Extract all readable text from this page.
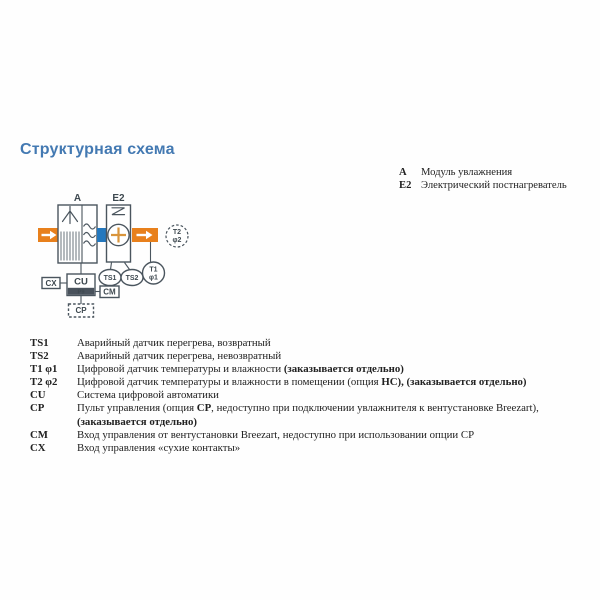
Структурная схема
A	E2
T2
φ2
T1
φ1
TS1 TS2
CU
P9
CX
CM
CP
A	Модуль увлажнения
E2 Электрический постнагреватель
TS1	Аварийный датчик перегрева, возвратный
TS2	Аварийный датчик перегрева, невозвратный
T1 φ1	Цифровой датчик температуры и влажности (заказывается отдельно)
T2 φ2	Цифровой датчик температуры и влажности в помещении (опция НС), (заказывается отдельно)
CU	Система цифровой автоматики
CP	Пульт управления (опция СР, недоступно при подключении увлажнителя к вентустановке Breezart),
(заказывается отдельно)
CM	Вход управления от вентустановки Breezart, недоступно при использовании опции СР
CX	Вход управления «сухие контакты»
